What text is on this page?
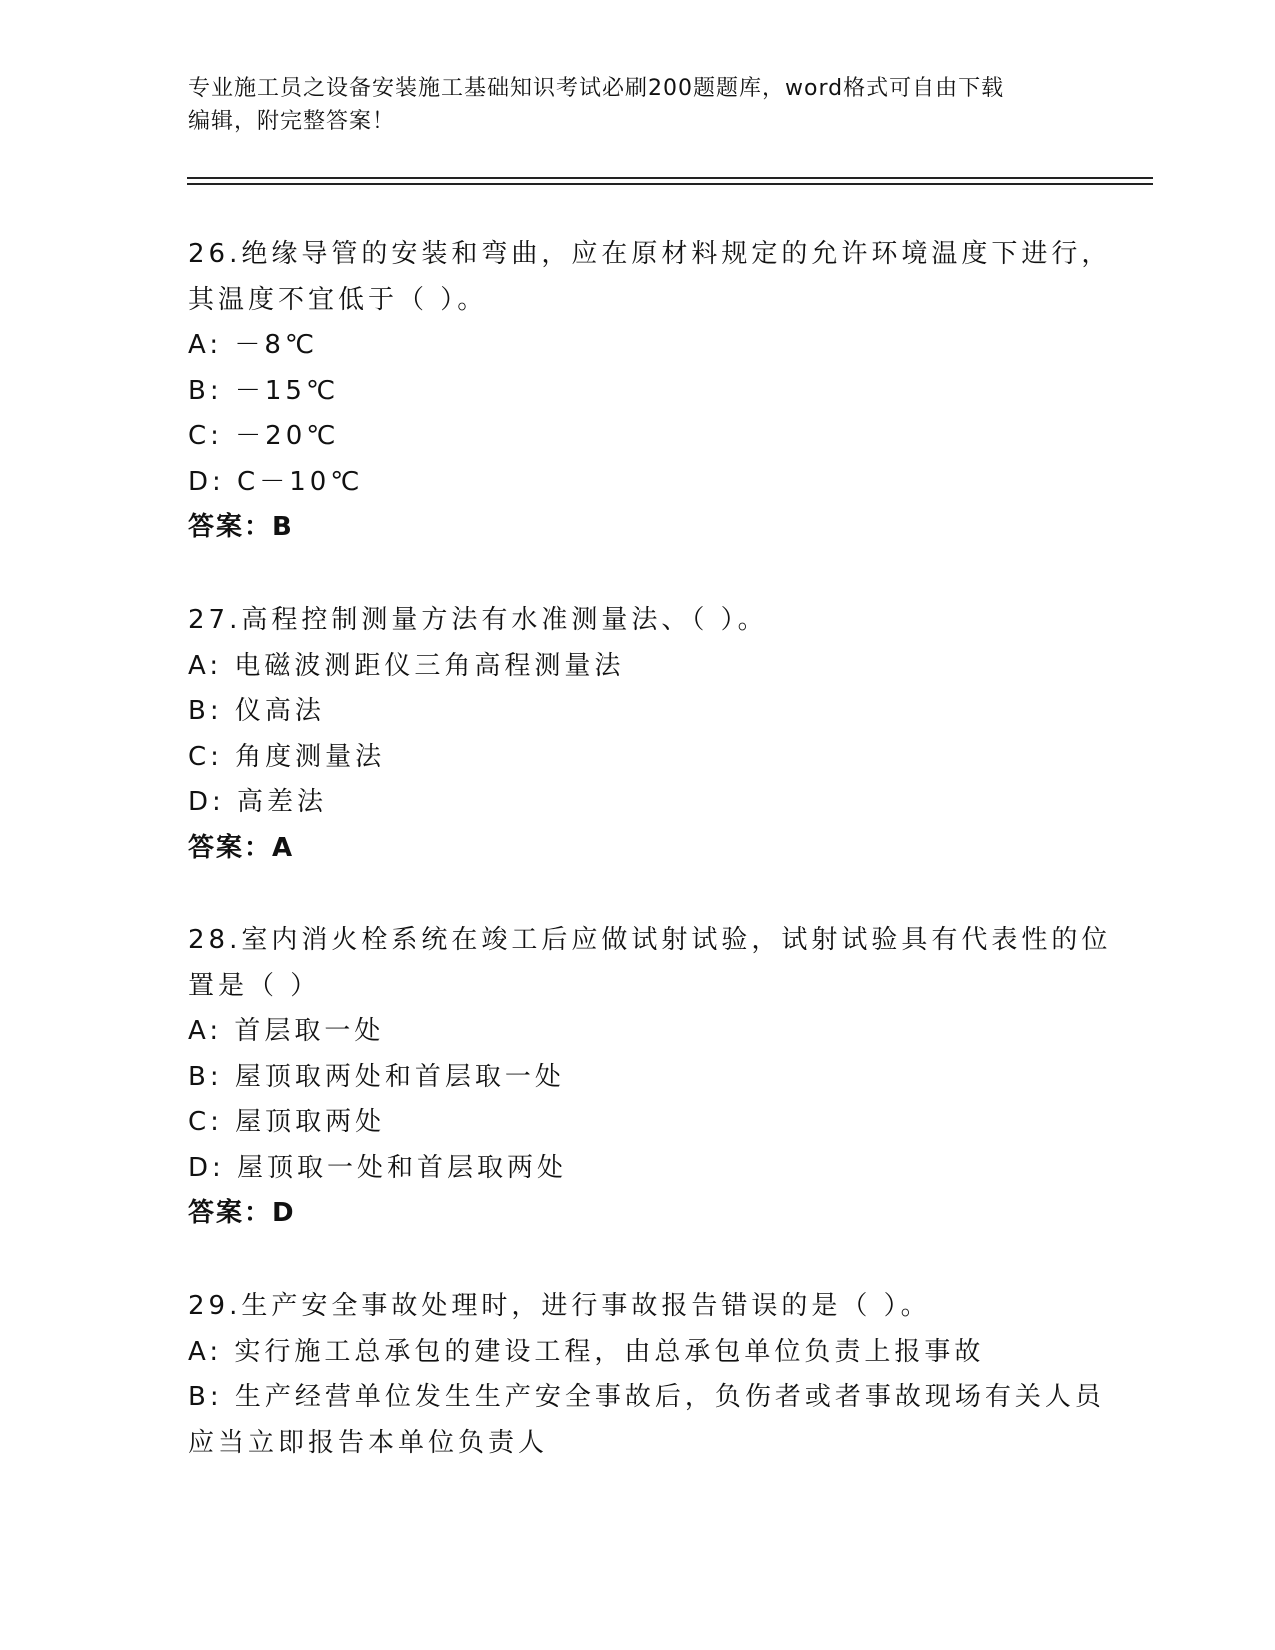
专业施工员之设备安装施工基础知识考试必刷200题题库，word格式可自由下载
编辑，附完整答案！
26.绝缘导管的安装和弯曲，应在原材料规定的允许环境温度下进行，
其温度不宜低于（ ）。
A: －8℃
B: －15℃
C: －20℃
D: C－10℃
答案：B
27.高程控制测量方法有水准测量法、（ ）。
A: 电磁波测距仪三角高程测量法
B: 仪高法
C: 角度测量法
D: 高差法
答案：A
28.室内消火栓系统在竣工后应做试射试验，试射试验具有代表性的位
置是（ ）
A: 首层取一处
B: 屋顶取两处和首层取一处
C: 屋顶取两处
D: 屋顶取一处和首层取两处
答案：D
29.生产安全事故处理时，进行事故报告错误的是（ ）。
A: 实行施工总承包的建设工程，由总承包单位负责上报事故
B: 生产经营单位发生生产安全事故后，负伤者或者事故现场有关人员
应当立即报告本单位负责人
